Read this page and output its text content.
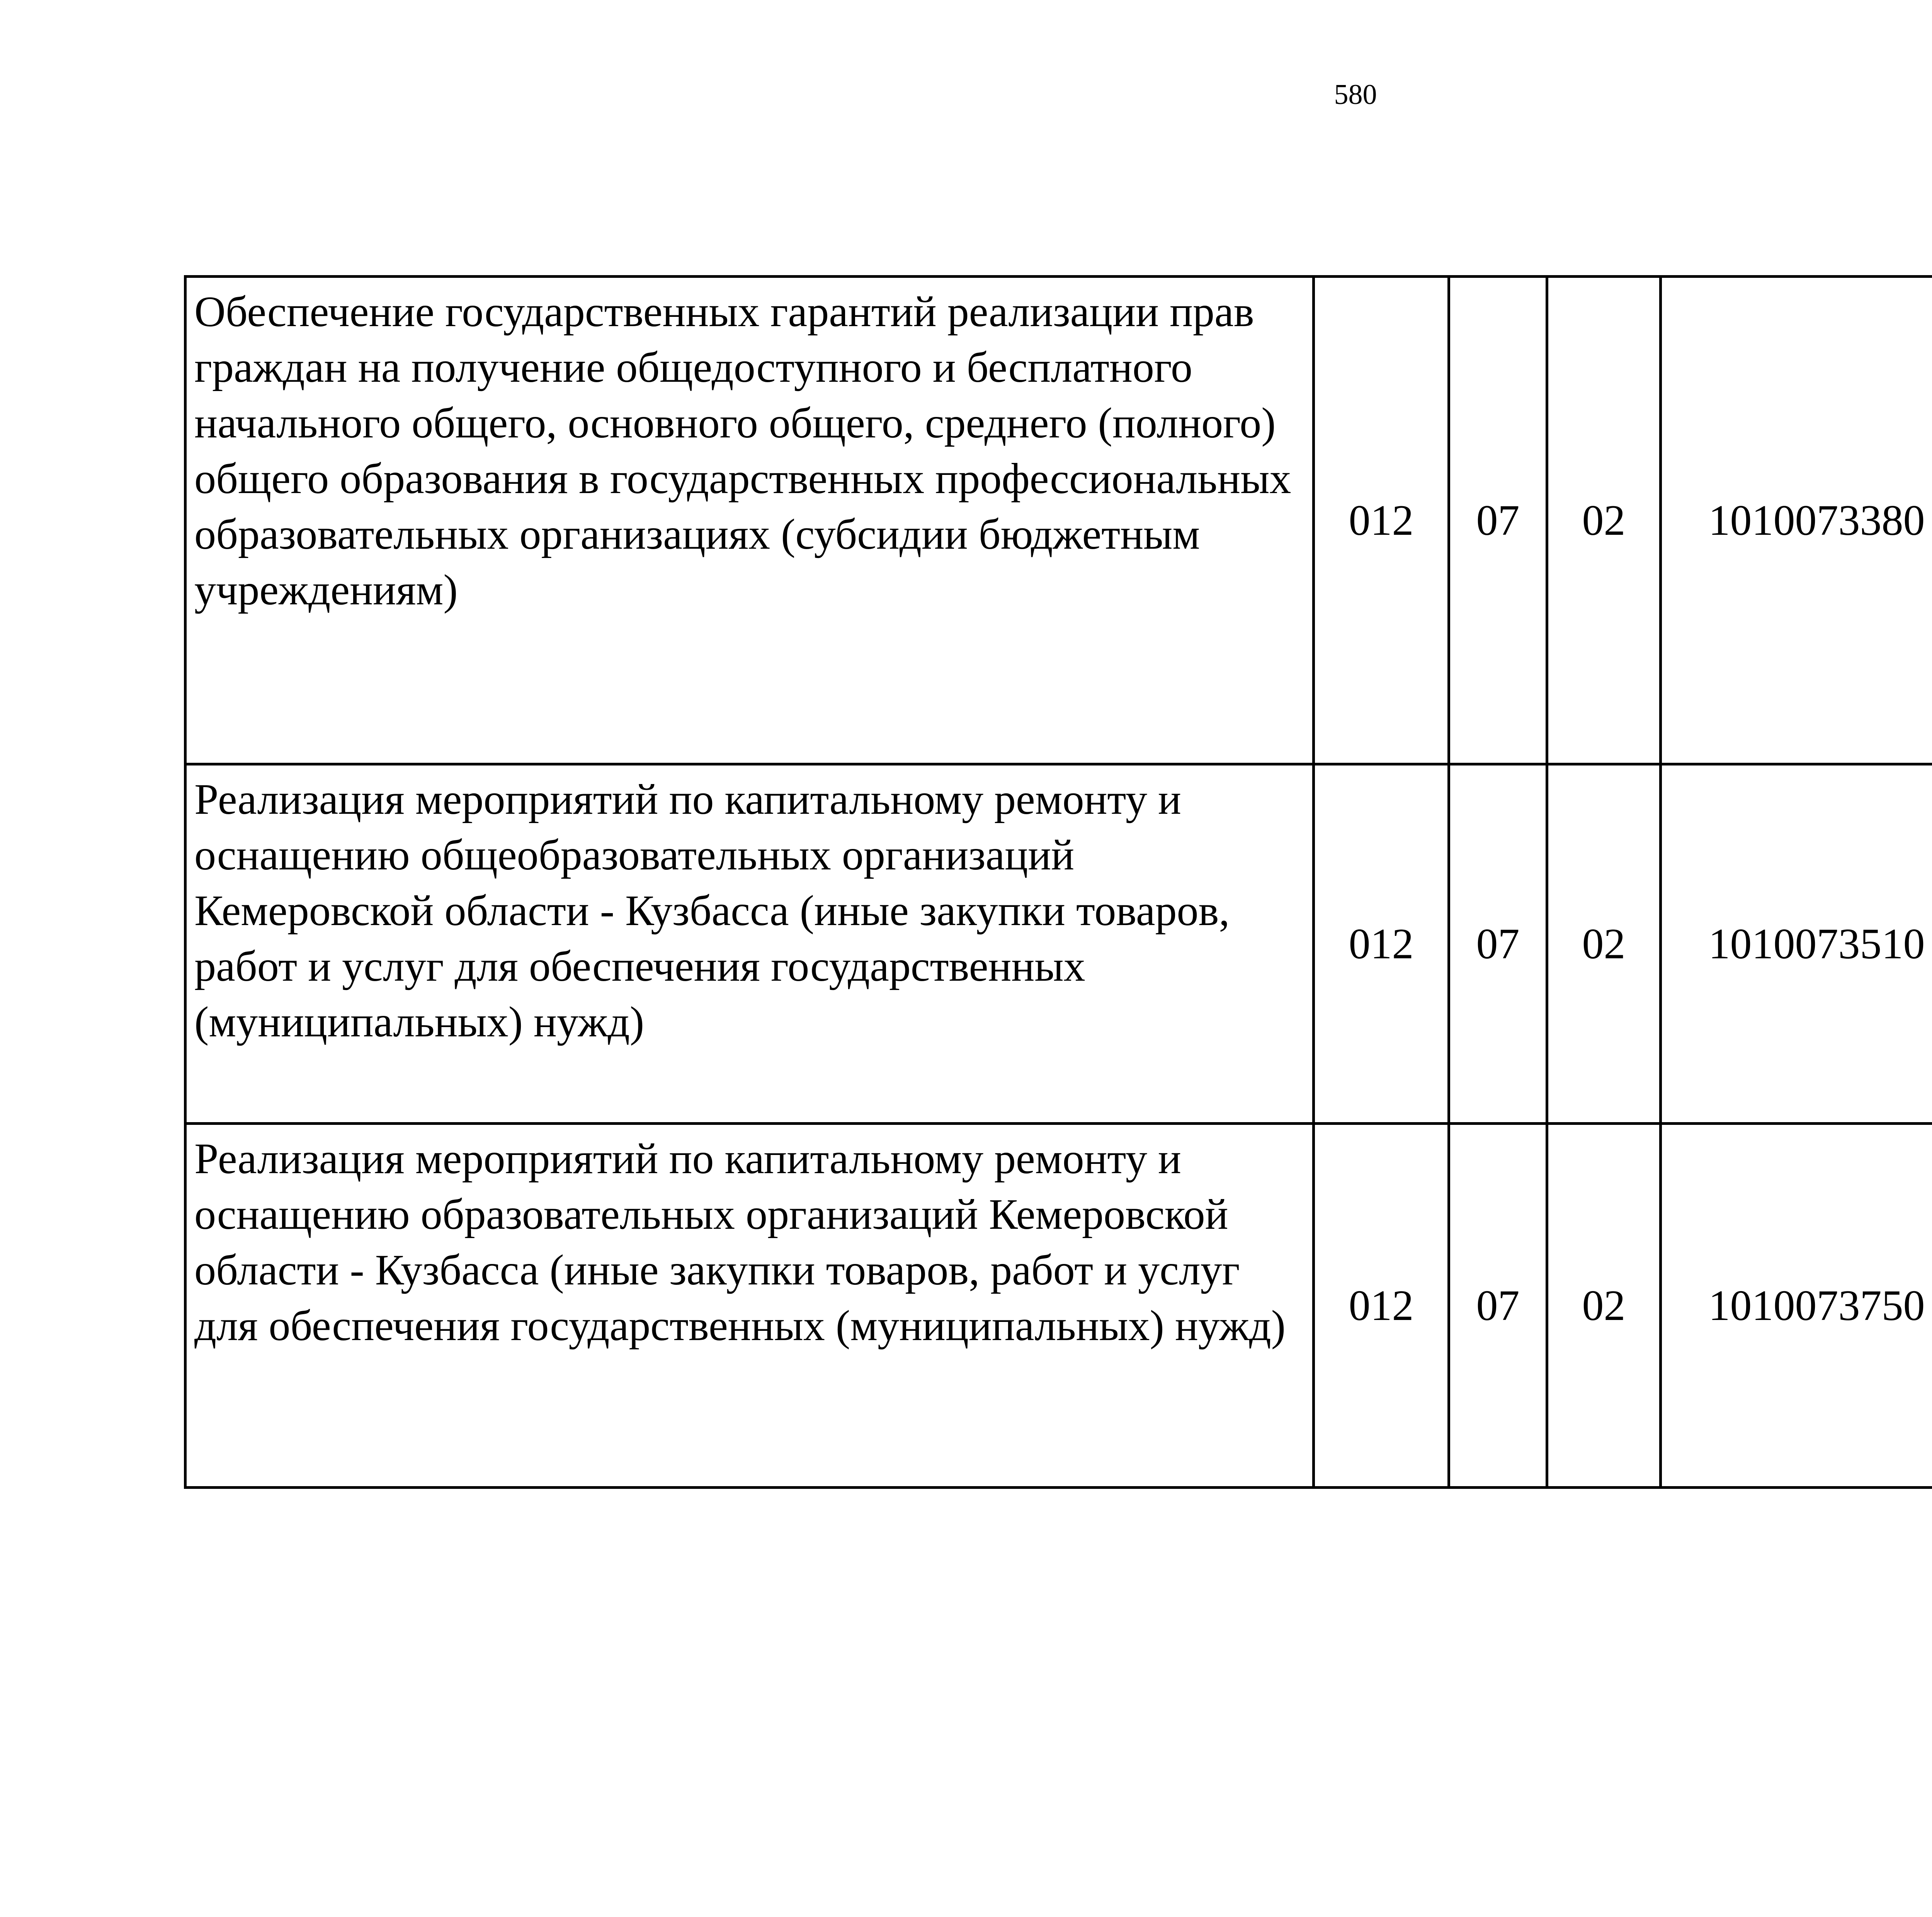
580
Обеспечение государственных гарантий реализации прав граждан на получение общедоступного и бесплатного начального общего, основного общего, среднего (полного) общего образования в государственных профессиональных образовательных организациях (субсидии бюджетным учреждениям)	012	07	02	1010073380		
Реализация мероприятий по капитальному ремонту и оснащению общеобразовательных организаций Кемеровской области - Кузбасса (иные закупки товаров, работ и услуг для обеспечения государственных (муниципальных) нужд)	012	07	02	1010073510		
Реализация мероприятий по капитальному ремонту и оснащению образовательных организаций Кемеровской области - Кузбасса (иные закупки товаров, работ и услуг для обеспечения государственных (муниципальных) нужд)	012	07	02	1010073750		
